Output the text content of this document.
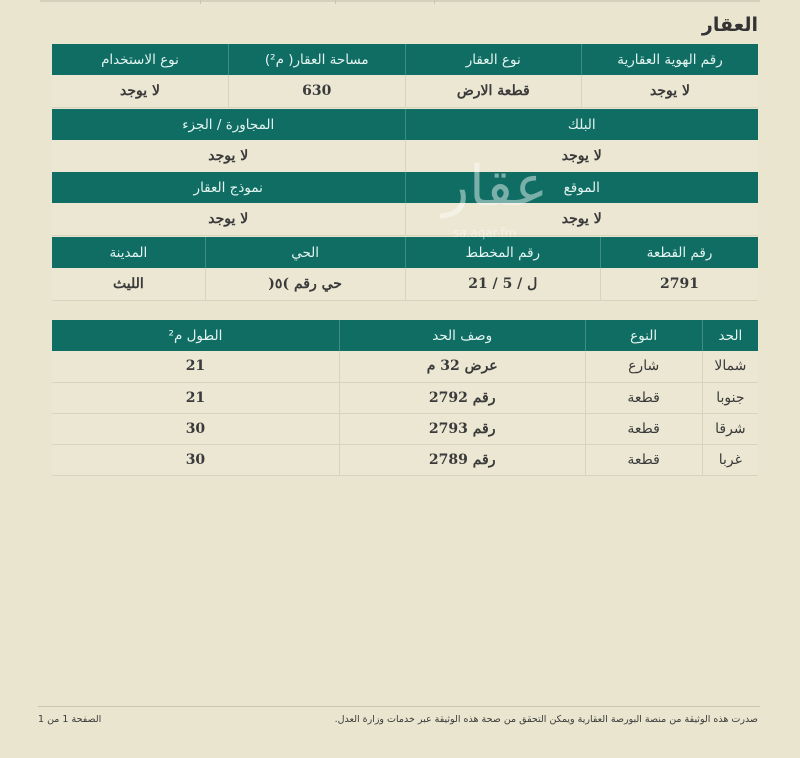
العقار
رقم الهوية العقارية	نوع العقار	مساحة العقار( م²)	نوع الاستخدام
لا يوجد	قطعة الارض	630	لا يوجد
البلك	المجاورة / الجزء
لا يوجد	لا يوجد
الموقع	نموذج العقار
لا يوجد	لا يوجد
رقم القطعة	رقم المخطط	الحي	المدينة
2791	ل / 5 / 21	حي رقم )٥(	الليث
الحد	النوع	وصف الحد	الطول م²
شمالا	شارع	عرض 32 م	21
جنوبا	قطعة	رقم 2792	21
شرقا	قطعة	رقم 2793	30
غربا	قطعة	رقم 2789	30
عقار
sa.aqar.fm
صدرت هذه الوثيقة من منصة البورصة العقارية ويمكن التحقق من صحة هذه الوثيقة عبر خدمات وزارة العدل.
الصفحة 1 من 1
